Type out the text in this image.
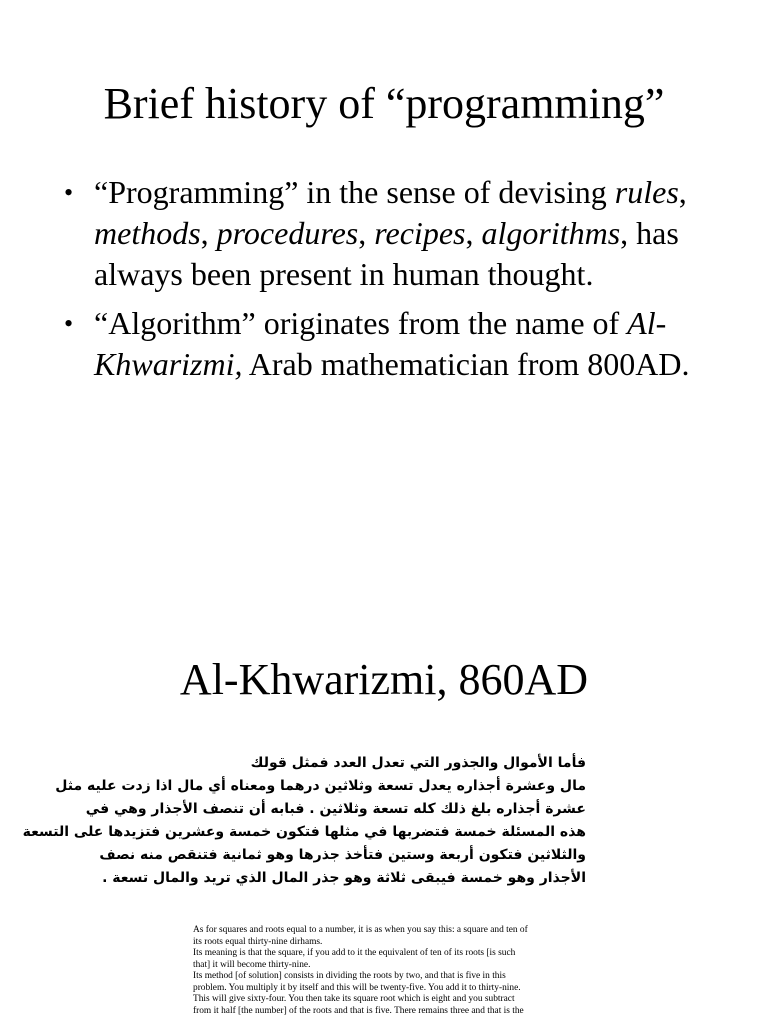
Brief history of “programming”
• “Programming” in the sense of devising rules, methods, procedures, recipes, algorithms, has always been present in human thought.
• “Algorithm” originates from the name of Al-Khwarizmi, Arab mathematician from 800AD.
Al-Khwarizmi, 860AD
فأما الأموال والجذور التي تعدل العدد فمثل قولك
مال وعشرة أجذاره يعدل تسعة وثلاثين درهما ومعناه أي مال اذا زدت عليه مثل
عشرة أجذاره بلغ ذلك كله تسعة وثلاثين . فبابه أن تنصف الأجذار وهي في
هذه المسئلة خمسة فتضربها في مثلها فتكون خمسة وعشرين فتزيدها على التسعة
والثلاثين فتكون أربعة وستين فتأخذ جذرها وهو ثمانية فتنقص منه نصف
الأجذار وهو خمسة فيبقى ثلاثة وهو جذر المال الذي تريد والمال تسعة .
As for squares and roots equal to a number, it is as when you say this: a square and ten of
its roots equal thirty-nine dirhams.
Its meaning is that the square, if you add to it the equivalent of ten of its roots [is such
that] it will become thirty-nine.
Its method [of solution] consists in dividing the roots by two, and that is five in this
problem. You multiply it by itself and this will be twenty-five. You add it to thirty-nine.
This will give sixty-four. You then take its square root which is eight and you subtract
from it half [the number] of the roots and that is five. There remains three and that is the
